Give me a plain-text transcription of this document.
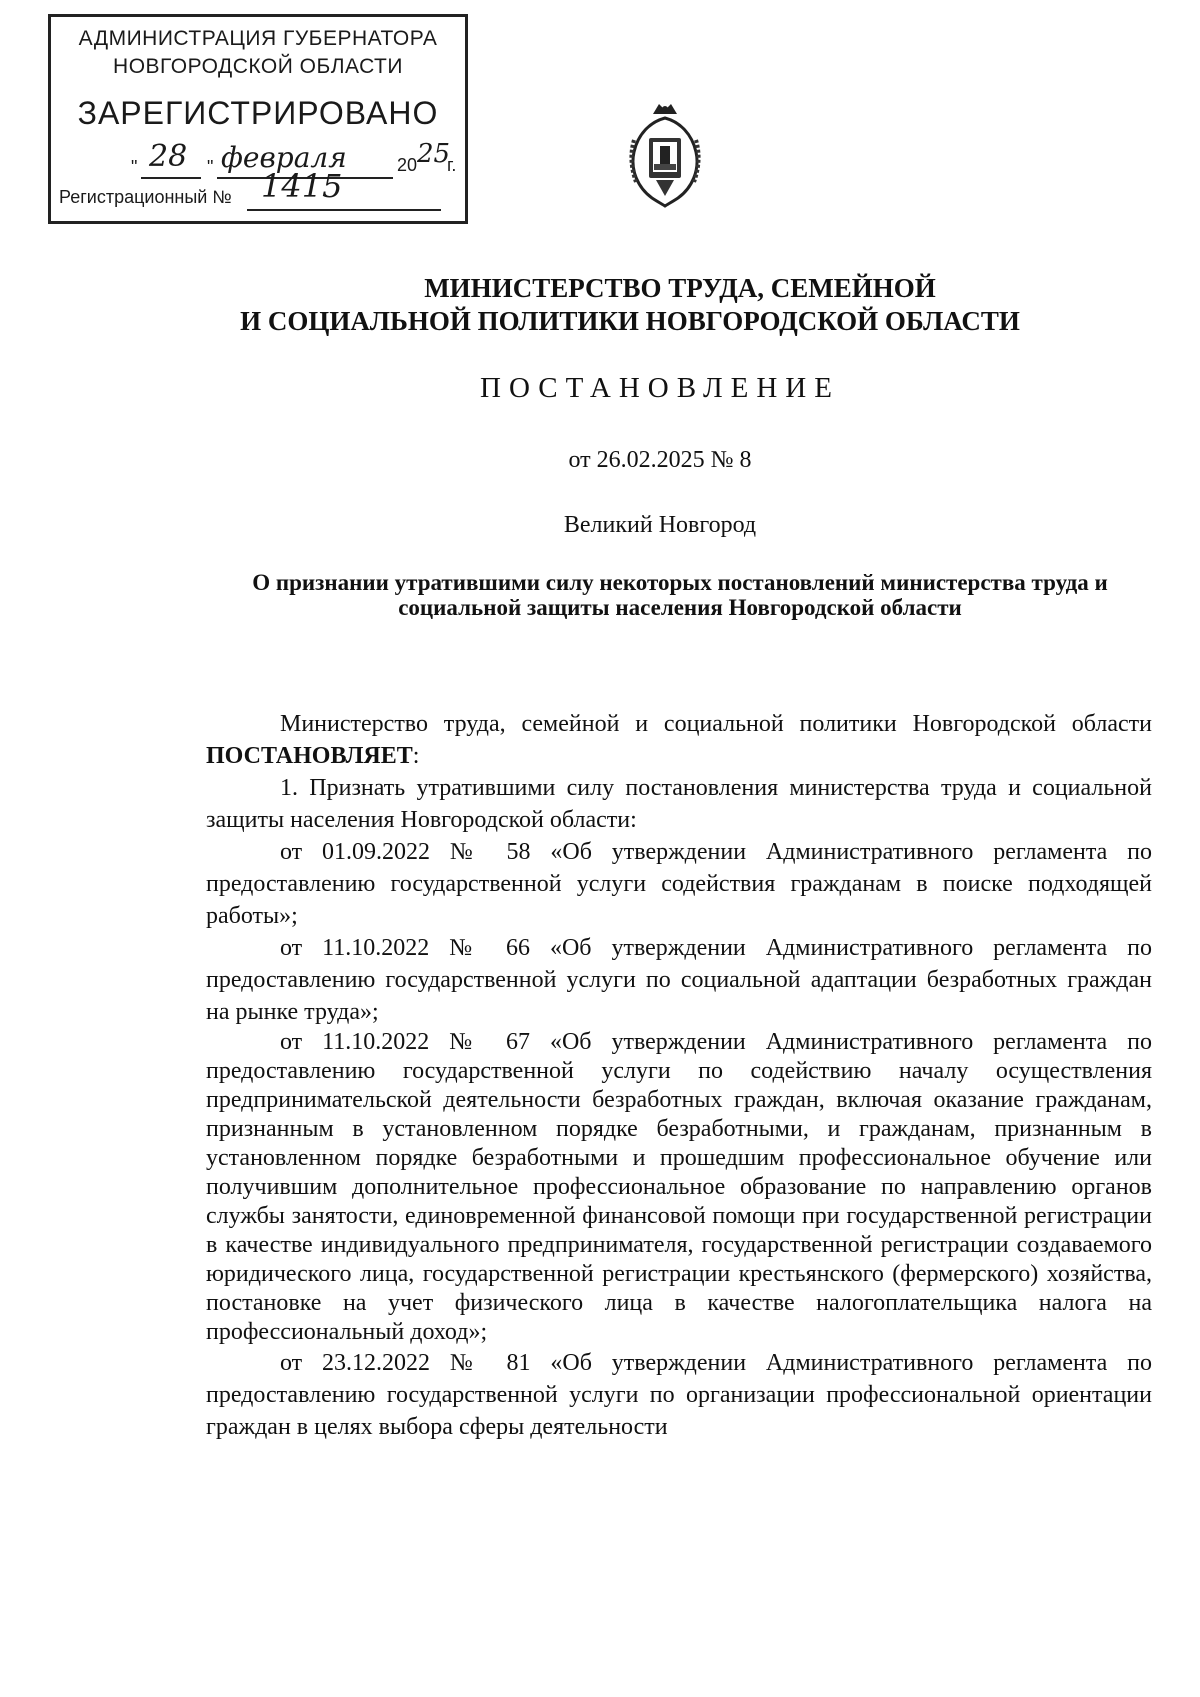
АДМИНИСТРАЦИЯ ГУБЕРНАТОРА
НОВГОРОДСКОЙ ОБЛАСТИ
ЗАРЕГИСТРИРОВАНО
" 28 " февраля	20 25
г.
Регистрационный № 1415
МИНИСТЕРСТВО ТРУДА, СЕМЕЙНОЙ
И СОЦИАЛЬНОЙ ПОЛИТИКИ НОВГОРОДСКОЙ ОБЛАСТИ
ПОСТАНОВЛЕНИЕ
от 26.02.2025 № 8
Великий Новгород
О признании утратившими силу некоторых постановлений министерства труда и социальной защиты населения Новгородской области

Министерство труда, семейной и социальной политики Новгородской области ПОСТАНОВЛЯЕТ:

1. Признать утратившими силу постановления министерства труда и социальной защиты населения Новгородской области:

от 01.09.2022 № 58 «Об утверждении Административного регламента по предоставлению государственной услуги содействия гражданам в поиске подходящей работы»;

от 11.10.2022 № 66 «Об утверждении Административного регламента по предоставлению государственной услуги по социальной адаптации безработных граждан на рынке труда»;

от 11.10.2022 № 67 «Об утверждении Административного регламента по предоставлению государственной услуги по содействию началу осуществления предпринимательской деятельности безработных граждан, включая оказание гражданам, признанным в установленном порядке безработными, и гражданам, признанным в установленном порядке безработными и прошедшим профессиональное обучение или получившим дополнительное профессиональное образование по направлению органов службы занятости, единовременной финансовой помощи при государственной регистрации в качестве индивидуального предпринимателя, государственной регистрации создаваемого юридического лица, государственной регистрации крестьянского (фермерского) хозяйства, постановке на учет физического лица в качестве налогоплательщика налога на профессиональный доход»;

от 23.12.2022 № 81 «Об утверждении Административного регламента по предоставлению государственной услуги по организации профессиональной ориентации граждан в целях выбора сферы деятельности
